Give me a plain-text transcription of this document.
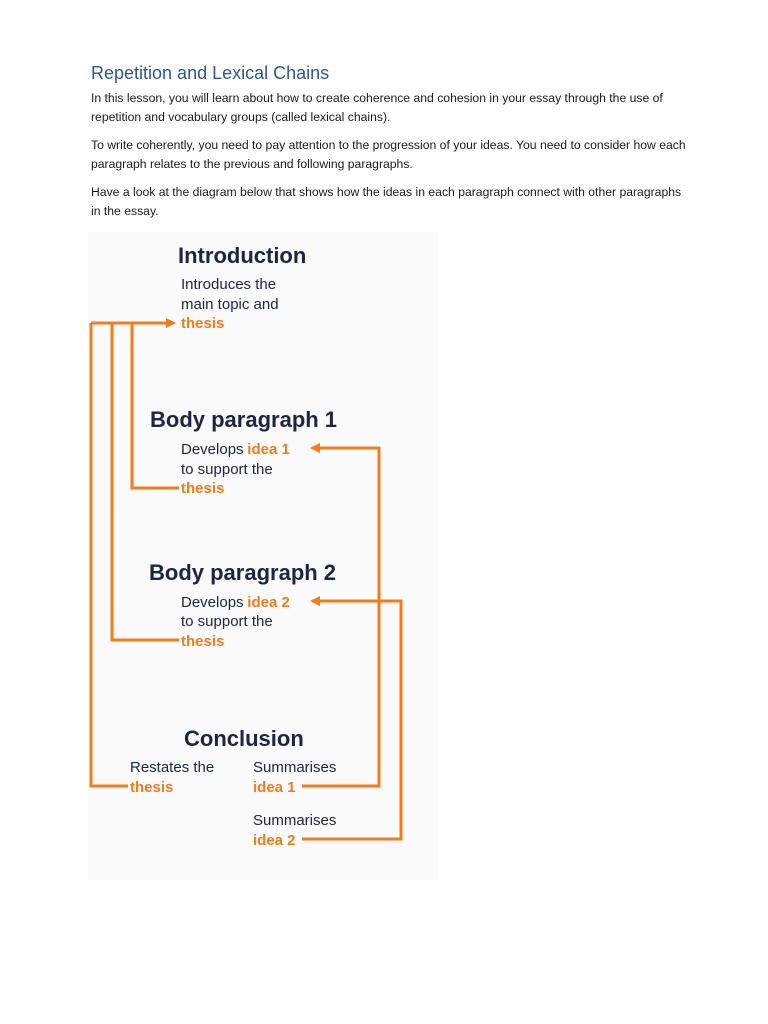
Repetition and Lexical Chains

In this lesson, you will learn about how to create coherence and cohesion in your essay through the use of repetition and vocabulary groups (called lexical chains).

To write coherently, you need to pay attention to the progression of your ideas. You need to consider how each paragraph relates to the previous and following paragraphs.

Have a look at the diagram below that shows how the ideas in each paragraph connect with other paragraphs in the essay.

Introduction
Introduces the
main topic and
thesis
Body paragraph 1
Develops idea 1
to support the
thesis
Body paragraph 2
Develops idea 2
to support the
thesis
Conclusion
Restates the
thesis
Summarises
idea 1
Summarises
idea 2
